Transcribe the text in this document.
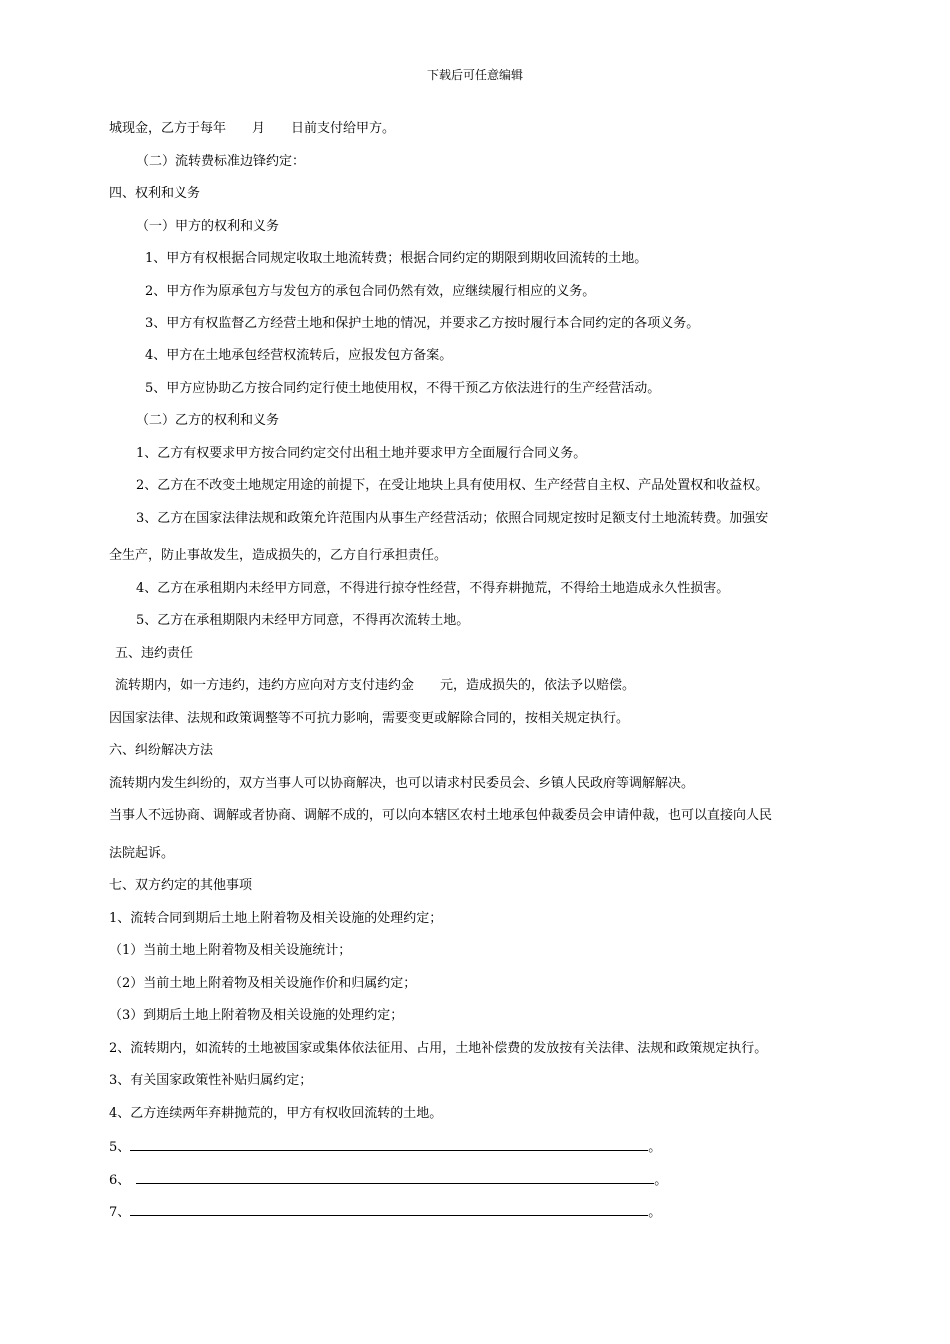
下载后可任意编辑
城现金，乙方于每年　　月　　日前支付给甲方。
（二）流转费标准边锋约定：
四、权利和义务
（一）甲方的权利和义务
1、甲方有权根据合同规定收取土地流转费；根据合同约定的期限到期收回流转的土地。
2、甲方作为原承包方与发包方的承包合同仍然有效，应继续履行相应的义务。
3、甲方有权监督乙方经营土地和保护土地的情况，并要求乙方按时履行本合同约定的各项义务。
4、甲方在土地承包经营权流转后，应报发包方备案。
5、甲方应协助乙方按合同约定行使土地使用权，不得干预乙方依法进行的生产经营活动。
（二）乙方的权利和义务
1、乙方有权要求甲方按合同约定交付出租土地并要求甲方全面履行合同义务。
2、乙方在不改变土地规定用途的前提下，在受让地块上具有使用权、生产经营自主权、产品处置权和收益权。
3、乙方在国家法律法规和政策允许范围内从事生产经营活动；依照合同规定按时足额支付土地流转费。加强安
全生产，防止事故发生，造成损失的，乙方自行承担责任。
4、乙方在承租期内未经甲方同意，不得进行掠夺性经营，不得弃耕抛荒，不得给土地造成永久性损害。
5、乙方在承租期限内未经甲方同意，不得再次流转土地。
五、违约责任
流转期内，如一方违约，违约方应向对方支付违约金　　元，造成损失的，依法予以赔偿。
因国家法律、法规和政策调整等不可抗力影响，需要变更或解除合同的，按相关规定执行。
六、纠纷解决方法
流转期内发生纠纷的，双方当事人可以协商解决，也可以请求村民委员会、乡镇人民政府等调解解决。
当事人不远协商、调解或者协商、调解不成的，可以向本辖区农村土地承包仲裁委员会申请仲裁，也可以直接向人民
法院起诉。
七、双方约定的其他事项
1、流转合同到期后土地上附着物及相关设施的处理约定；
（1）当前土地上附着物及相关设施统计；
（2）当前土地上附着物及相关设施作价和归属约定；
（3）到期后土地上附着物及相关设施的处理约定；
2、流转期内，如流转的土地被国家或集体依法征用、占用，土地补偿费的发放按有关法律、法规和政策规定执行。
3、有关国家政策性补贴归属约定；
4、乙方连续两年弃耕抛荒的，甲方有权收回流转的土地。
5、	。
6、	。
7、	。
